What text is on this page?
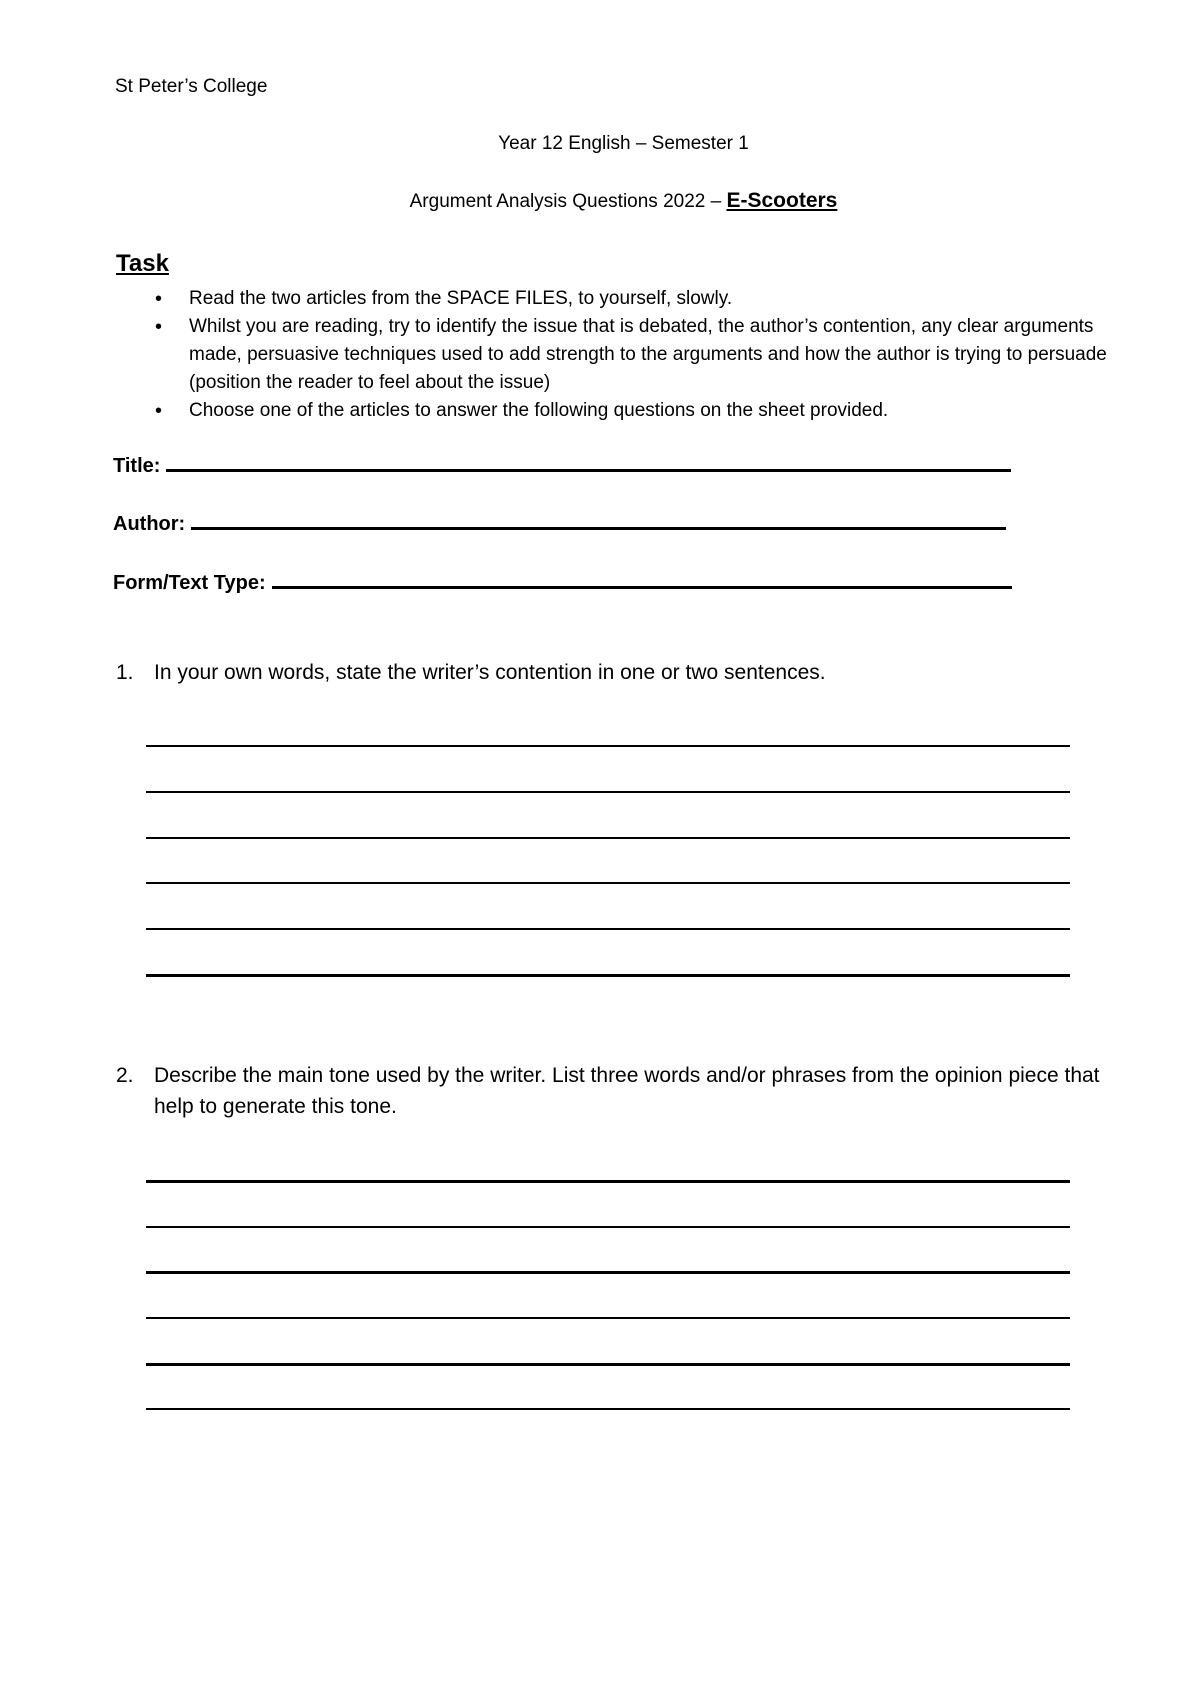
St Peter’s College
Year 12 English – Semester 1
Argument Analysis Questions 2022 – E-Scooters
Task
• Read the two articles from the SPACE FILES, to yourself, slowly.
• Whilst you are reading, try to identify the issue that is debated, the author’s contention, any clear arguments made, persuasive techniques used to add strength to the arguments and how the author is trying to persuade (position the reader to feel about the issue)
• Choose one of the articles to answer the following questions on the sheet provided.
Title:
Author:
Form/Text Type:
1. In your own words, state the writer’s contention in one or two sentences.
2. Describe the main tone used by the writer. List three words and/or phrases from the opinion piece that help to generate this tone.
